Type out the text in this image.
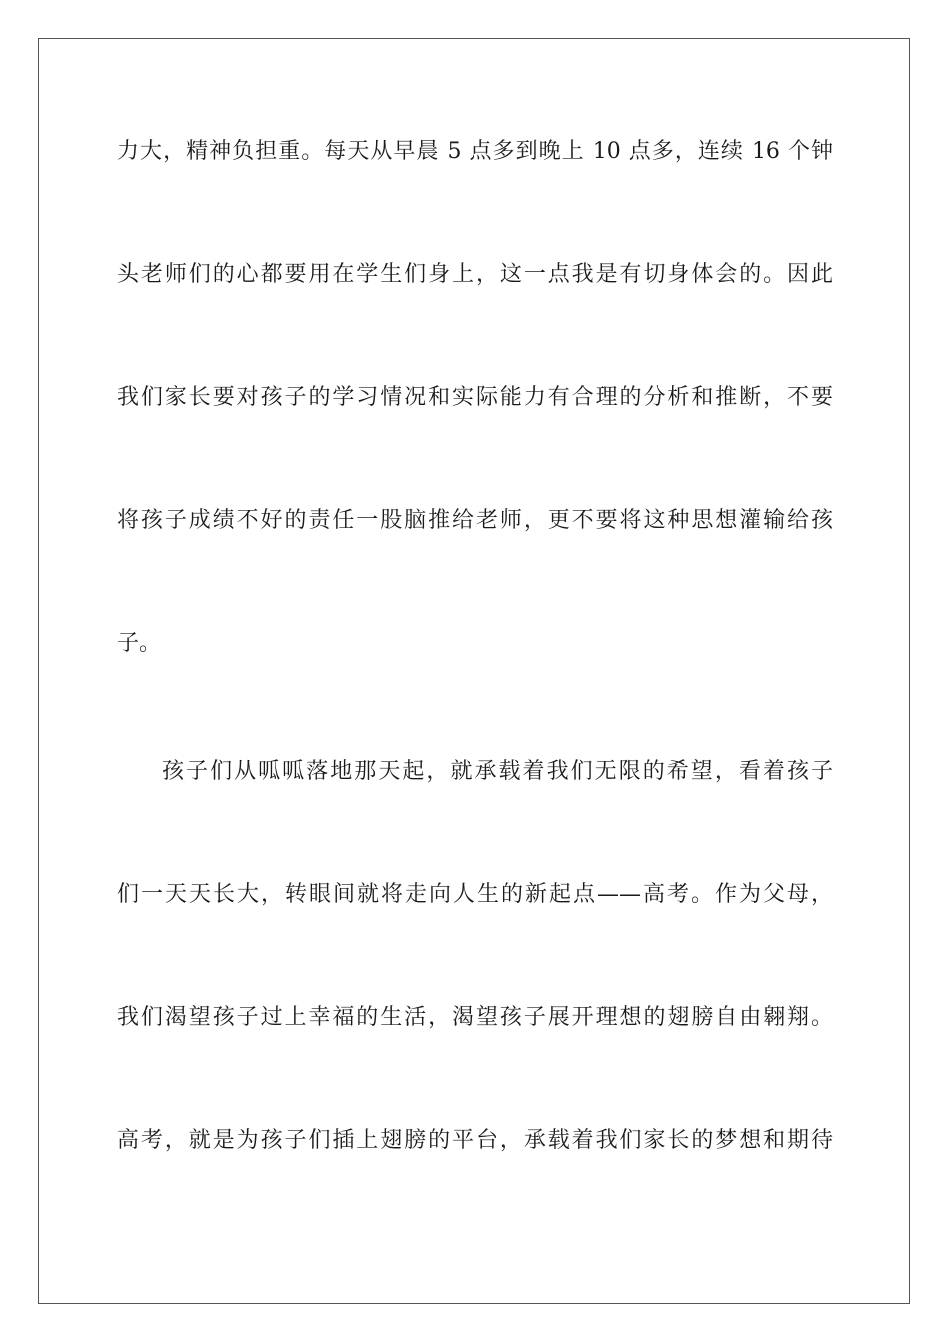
力大，精神负担重。每天从早晨 5 点多到晚上 10 点多，连续 16 个钟
头老师们的心都要用在学生们身上，这一点我是有切身体会的。因此
我们家长要对孩子的学习情况和实际能力有合理的分析和推断，不要
将孩子成绩不好的责任一股脑推给老师，更不要将这种思想灌输给孩
子。
孩子们从呱呱落地那天起，就承载着我们无限的希望，看着孩子
们一天天长大，转眼间就将走向人生的新起点——高考。作为父母，
我们渴望孩子过上幸福的生活，渴望孩子展开理想的翅膀自由翱翔。
高考，就是为孩子们插上翅膀的平台，承载着我们家长的梦想和期待
